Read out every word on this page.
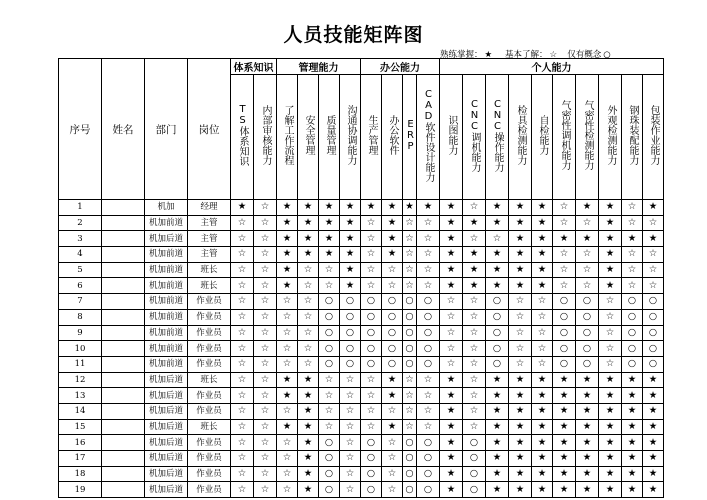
人员技能矩阵图
熟练掌握： ★ 基本了解： ☆ 仅有概念 ○
序号	姓名	部门	岗位	体系知识		管理能力				办公能力				个人能力									
				TS体系知识	内部审核能力	了解工作流程	安全管理	质量管理	沟通协调能力	生产管理	办公软件	ERP	CAD软件设计能力	识图能力	CNC调机能力	CNC操作能力	检具检测能力	自检能力	气密性调机能力	气密性检测能力	外观检测能力	钢珠装配能力	包装作业能力
1		机加	经理	★	☆	★	★	★	★	★	★	★	★	★	☆	★	★	★	☆	★	★	☆	★
2		机加前道	主管	☆	☆	★	★	★	★	☆	★	☆	☆	★	★	★	★	★	☆	☆	★	☆	☆
3		机加后道	主管	☆	☆	★	★	★	★	☆	★	☆	☆	★	☆	☆	★	★	★	★	★	★	★
4		机加前道	主管	☆	☆	★	★	★	★	☆	★	☆	☆	★	★	★	★	★	☆	☆	★	☆	☆
5		机加前道	班长	☆	☆	★	☆	☆	★	☆	☆	☆	☆	★	★	★	★	★	☆	☆	★	☆	☆
6		机加前道	班长	☆	☆	★	☆	☆	★	☆	☆	☆	☆	★	★	★	★	★	☆	☆	★	☆	☆
7		机加前道	作业员	☆	☆	☆	☆	○	○	○	○	○	○	☆	☆	○	☆	☆	○	○	☆	○	○
8		机加前道	作业员	☆	☆	☆	☆	○	○	○	○	○	○	☆	☆	○	☆	☆	○	○	☆	○	○
9		机加前道	作业员	☆	☆	☆	☆	○	○	○	○	○	○	☆	☆	○	☆	☆	○	○	☆	○	○
10		机加前道	作业员	☆	☆	☆	☆	○	○	○	○	○	○	☆	☆	○	☆	☆	○	○	☆	○	○
11		机加前道	作业员	☆	☆	☆	☆	○	○	○	○	○	○	☆	☆	○	☆	☆	○	○	☆	○	○
12		机加后道	班长	☆	☆	★	★	☆	☆	☆	★	☆	☆	★	☆	★	★	★	★	★	★	★	★
13		机加后道	作业员	☆	☆	★	★	☆	☆	☆	★	☆	☆	★	☆	★	★	★	★	★	★	★	★
14		机加后道	作业员	☆	☆	☆	★	☆	☆	☆	☆	☆	☆	★	☆	★	★	★	★	★	★	★	★
15		机加后道	班长	☆	☆	★	★	☆	☆	☆	★	☆	☆	★	☆	★	★	★	★	★	★	★	★
16		机加后道	作业员	☆	☆	☆	★	○	☆	○	☆	○	○	★	○	★	★	★	★	★	★	★	★
17		机加后道	作业员	☆	☆	☆	★	○	☆	○	☆	○	○	★	○	★	★	★	★	★	★	★	★
18		机加后道	作业员	☆	☆	☆	★	○	☆	○	☆	○	○	★	○	★	★	★	★	★	★	★	★
19		机加后道	作业员	☆	☆	☆	★	○	☆	○	☆	○	○	★	○	★	★	★	★	★	★	★	★
